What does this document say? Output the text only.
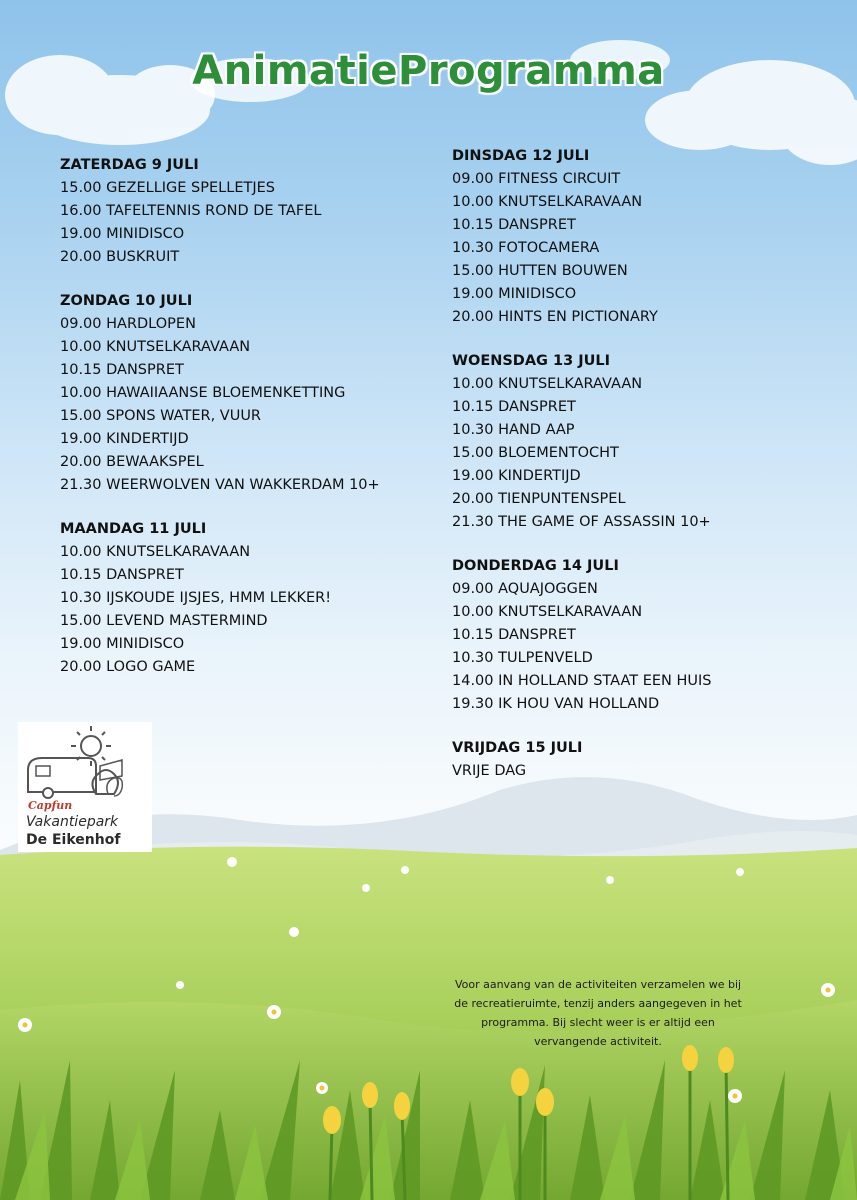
AnimatieProgramma
ZATERDAG 9 JULI
15.00 GEZELLIGE SPELLETJES
16.00 TAFELTENNIS ROND DE TAFEL
19.00 MINIDISCO
20.00 BUSKRUIT
ZONDAG 10 JULI
09.00 HARDLOPEN
10.00 KNUTSELKARAVAAN
10.15 DANSPRET
10.00 HAWAIIAANSE BLOEMENKETTING
15.00 SPONS WATER, VUUR
19.00 KINDERTIJD
20.00 BEWAAKSPEL
21.30 WEERWOLVEN VAN WAKKERDAM 10+
MAANDAG 11 JULI
10.00 KNUTSELKARAVAAN
10.15 DANSPRET
10.30 IJSKOUDE IJSJES, HMM LEKKER!
15.00 LEVEND MASTERMIND
19.00 MINIDISCO
20.00 LOGO GAME
DINSDAG 12 JULI
09.00 FITNESS CIRCUIT
10.00 KNUTSELKARAVAAN
10.15 DANSPRET
10.30 FOTOCAMERA
15.00 HUTTEN BOUWEN
19.00 MINIDISCO
20.00 HINTS EN PICTIONARY
WOENSDAG 13 JULI
10.00 KNUTSELKARAVAAN
10.15 DANSPRET
10.30 HAND AAP
15.00 BLOEMENTOCHT
19.00 KINDERTIJD
20.00 TIENPUNTENSPEL
21.30 THE GAME OF ASSASSIN 10+
DONDERDAG 14 JULI
09.00 AQUAJOGGEN
10.00 KNUTSELKARAVAAN
10.15 DANSPRET
10.30 TULPENVELD
14.00 IN HOLLAND STAAT EEN HUIS
19.30 IK HOU VAN HOLLAND
VRIJDAG 15 JULI
VRIJE DAG
Capfun
Vakantiepark
De Eikenhof
Voor aanvang van de activiteiten verzamelen we bij de recreatieruimte, tenzij anders aangegeven in het programma. Bij slecht weer is er altijd een vervangende activiteit.
